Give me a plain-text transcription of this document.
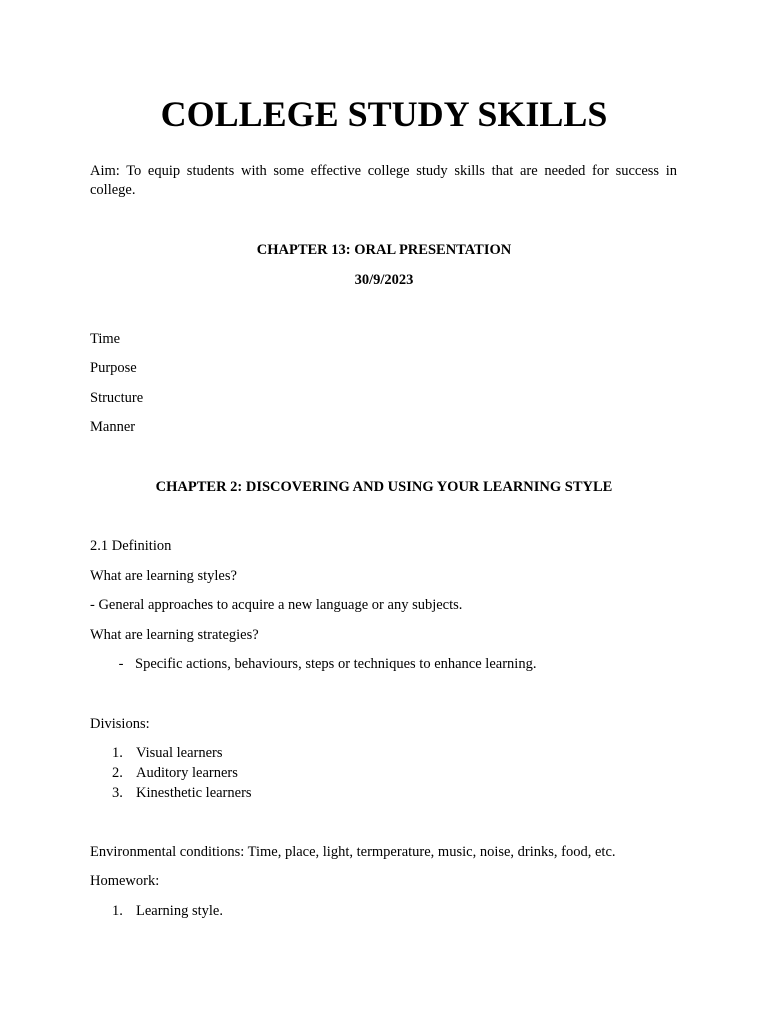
COLLEGE STUDY SKILLS

Aim: To equip students with some effective college study skills that are needed for success in college.

CHAPTER 13: ORAL PRESENTATION

30/9/2023

Time

Purpose

Structure

Manner

CHAPTER 2: DISCOVERING AND USING YOUR LEARNING STYLE

2.1 Definition

What are learning styles?

- General approaches to acquire a new language or any subjects.

What are learning strategies?

- Specific actions, behaviours, steps or techniques to enhance learning.

Divisions:

1. Visual learners
2. Auditory learners
3. Kinesthetic learners

Environmental conditions: Time, place, light, termperature, music, noise, drinks, food, etc.

Homework:

1. Learning style.
